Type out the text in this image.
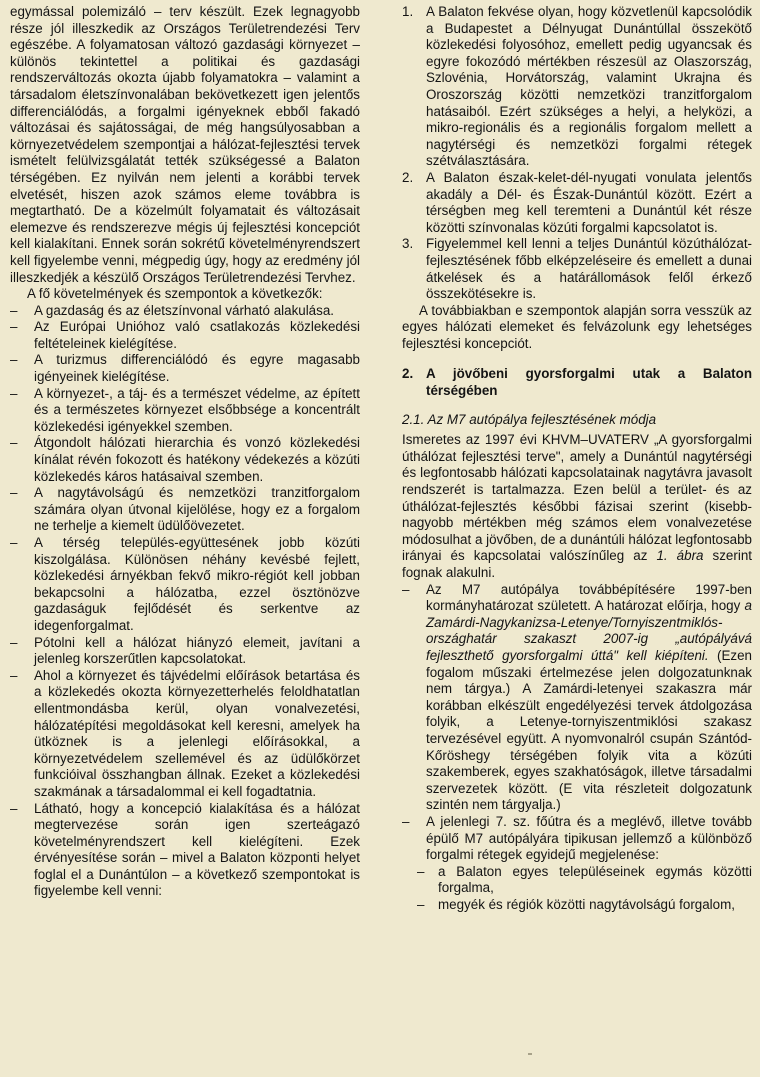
egymással polemizáló – terv készült. Ezek legnagyobb része jól illeszkedik az Országos Területrendezési Terv egészébe. A folyamatosan változó gazdasági környezet – különös tekintettel a politikai és gazdasági rendszerváltozás okozta újabb folyamatokra – valamint a társadalom életszínvonalában bekövetkezett igen jelentős differenciálódás, a forgalmi igényeknek ebből fakadó változásai és sajátosságai, de még hangsúlyosabban a környezetvédelem szempontjai a hálózat-fejlesztési tervek ismételt felülvizsgálatát tették szükségessé a Balaton térségében. Ez nyilván nem jelenti a korábbi tervek elvetését, hiszen azok számos eleme továbbra is megtartható. De a közelmúlt folyamatait és változásait elemezve és rendszerezve mégis új fejlesztési koncepciót kell kialakítani. Ennek során sokrétű követelményrendszert kell figyelembe venni, mégpedig úgy, hogy az eredmény jól illeszkedjék a készülő Országos Területrendezési Tervhez.

A fő követelmények és szempontok a következők:

– A gazdaság és az életszínvonal várható alakulása.

– Az Európai Unióhoz való csatlakozás közlekedési feltételeinek kielégítése.

– A turizmus differenciálódó és egyre magasabb igényeinek kielégítése.

– A környezet-, a táj- és a természet védelme, az épített és a természetes környezet elsőbbsége a koncentrált közlekedési igényekkel szemben.

– Átgondolt hálózati hierarchia és vonzó közlekedési kínálat révén fokozott és hatékony védekezés a közúti közlekedés káros hatásaival szemben.

– A nagytávolságú és nemzetközi tranzitforgalom számára olyan útvonal kijelölése, hogy ez a forgalom ne terhelje a kiemelt üdülőövezetet.

– A térség település-együttesének jobb közúti kiszolgálása. Különösen néhány kevésbé fejlett, közlekedési árnyékban fekvő mikro-régiót kell jobban bekapcsolni a hálózatba, ezzel ösztönözve gazdaságuk fejlődését és serkentve az idegenforgalmat.

– Pótolni kell a hálózat hiányzó elemeit, javítani a jelenleg korszerűtlen kapcsolatokat.

– Ahol a környezet és tájvédelmi előírások betartása és a közlekedés okozta környezetterhelés feloldhatatlan ellentmondásba kerül, olyan vonalvezetési, hálózatépítési megoldásokat kell keresni, amelyek ha ütköznek is a jelenlegi előírásokkal, a környezetvédelem szellemével és az üdülőkörzet funkcióival összhangban állnak. Ezeket a közlekedési szakmának a társadalommal ei kell fogadtatnia.

– Látható, hogy a koncepció kialakítása és a hálózat megtervezése során igen szerteágazó követelményrendszert kell kielégíteni. Ezek érvényesítése során – mivel a Balaton központi helyet foglal el a Dunántúlon – a következő szempontokat is figyelembe kell venni:

1. A Balaton fekvése olyan, hogy közvetlenül kapcsolódik a Budapestet a Délnyugat Dunántúllal összekötő közlekedési folyosóhoz, emellett pedig ugyancsak és egyre fokozódó mértékben részesül az Olaszország, Szlovénia, Horvátország, valamint Ukrajna és Oroszország közötti nemzetközi tranzitforgalom hatásaiból. Ezért szükséges a helyi, a helyközi, a mikro-regionális és a regionális forgalom mellett a nagytérségi és nemzetközi forgalmi rétegek szétválasztására.

2. A Balaton észak-kelet-dél-nyugati vonulata jelentős akadály a Dél- és Észak-Dunántúl között. Ezért a térségben meg kell teremteni a Dunántúl két része közötti színvonalas közúti forgalmi kapcsolatot is.

3. Figyelemmel kell lenni a teljes Dunántúl közúthálózat-fejlesztésének főbb elképzeléseire és emellett a dunai átkelések és a határállomások felől érkező összekötésekre is.

A továbbiakban e szempontok alapján sorra vesszük az egyes hálózati elemeket és felvázolunk egy lehetséges fejlesztési koncepciót.

2. A jövőbeni gyorsforgalmi utak a Balaton térségében

2.1. Az M7 autópálya fejlesztésének módja

Ismeretes az 1997 évi KHVM–UVATERV „A gyorsforgalmi úthálózat fejlesztési terve", amely a Dunántúl nagytérségi és legfontosabb hálózati kapcsolatainak nagytávra javasolt rendszerét is tartalmazza. Ezen belül a terület- és az úthálózat-fejlesztés későbbi fázisai szerint (kisebb-nagyobb mértékben még számos elem vonalvezetése módosulhat a jövőben, de a dunántúli hálózat legfontosabb irányai és kapcsolatai valószínűleg az 1. ábra szerint fognak alakulni.

– Az M7 autópálya továbbépítésére 1997-ben kormányhatározat született. A határozat előírja, hogy a Zamárdi-Nagykanizsa-Letenye/Tornyiszentmiklós-országhatár szakaszt 2007-ig „autópályává fejleszthető gyorsforgalmi úttá" kell kiépíteni. (Ezen fogalom műszaki értelmezése jelen dolgozatunknak nem tárgya.) A Zamárdi-letenyei szakaszra már korábban elkészült engedélyezési tervek átdolgozása folyik, a Letenye-tornyiszentmiklósi szakasz tervezésével együtt. A nyomvonalról csupán Szántód-Kőröshegy térségében folyik vita a közúti szakemberek, egyes szakhatóságok, illetve társadalmi szervezetek között. (E vita részleteit dolgozatunk szintén nem tárgyalja.)

– A jelenlegi 7. sz. főútra és a meglévő, illetve tovább épülő M7 autópályára tipikusan jellemző a különböző forgalmi rétegek egyidejű megjelenése:

– a Balaton egyes településeinek egymás közötti forgalma,

– megyék és régiók közötti nagytávolságú forgalom,
